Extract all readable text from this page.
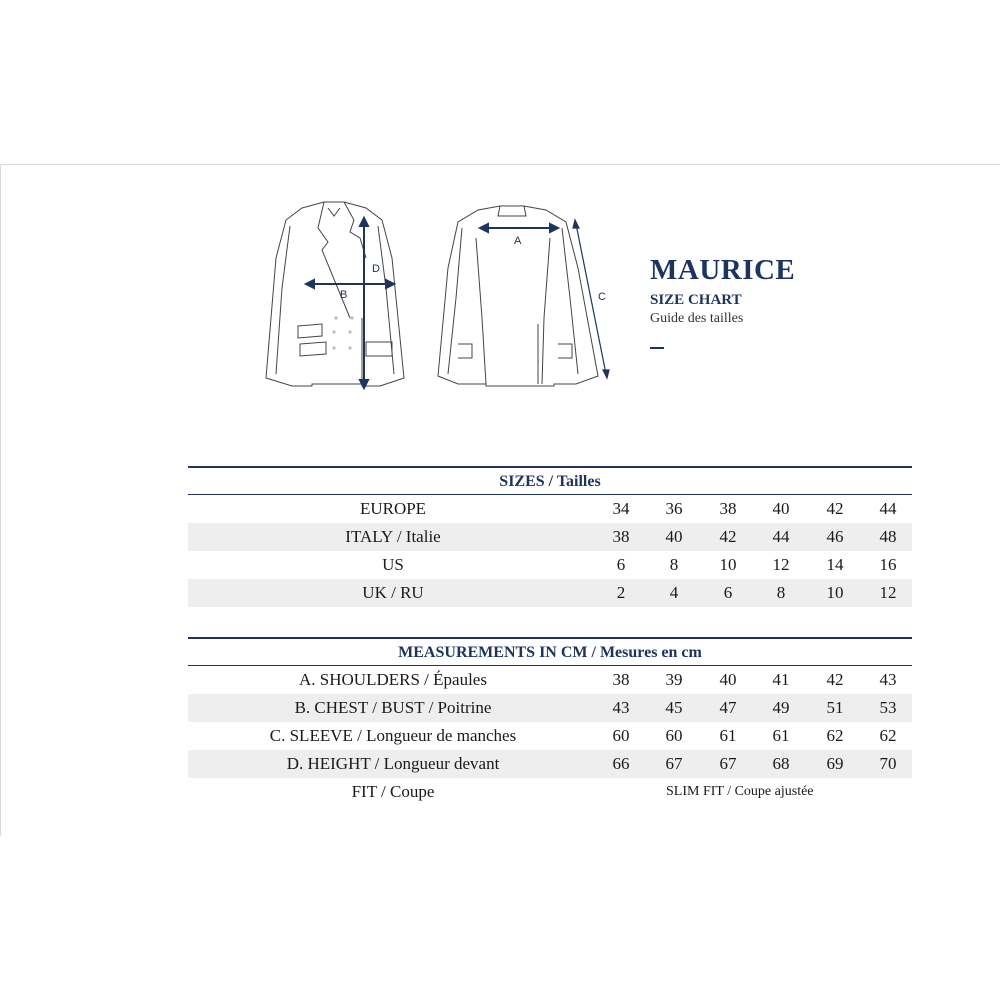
B
D
A
C
MAURICE
SIZE CHART
Guide des tailles
SIZES / Tailles
EUROPE	34	36	38	40	42	44
ITALY / Italie	38	40	42	44	46	48
US	6	8	10	12	14	16
UK / RU	2	4	6	8	10	12
MEASUREMENTS IN CM / Mesures en cm
A. SHOULDERS / Épaules	38	39	40	41	42	43
B. CHEST / BUST / Poitrine	43	45	47	49	51	53
C. SLEEVE / Longueur de manches	60	60	61	61	62	62
D. HEIGHT / Longueur devant	66	67	67	68	69	70
FIT / Coupe	SLIM FIT / Coupe ajustée
